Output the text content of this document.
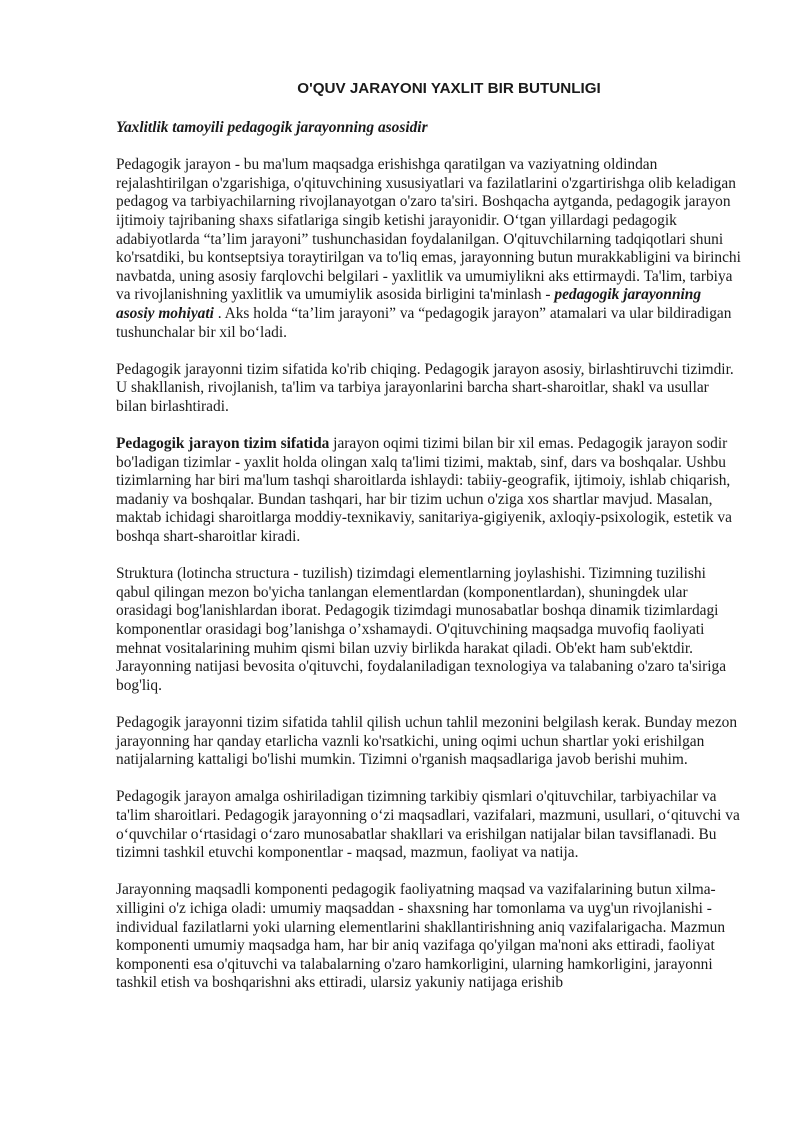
O'QUV JARAYONI YAXLIT BIR BUTUNLIGI
Yaxlitlik tamoyili pedagogik jarayonning asosidir

Pedagogik jarayon - bu ma'lum maqsadga erishishga qaratilgan va vaziyatning oldindan rejalashtirilgan o'zgarishiga, o'qituvchining xususiyatlari va fazilatlarini o'zgartirishga olib keladigan pedagog va tarbiyachilarning rivojlanayotgan o'zaro ta'siri. Boshqacha aytganda, pedagogik jarayon ijtimoiy tajribaning shaxs sifatlariga singib ketishi jarayonidir. O‘tgan yillardagi pedagogik adabiyotlarda “ta’lim jarayoni” tushunchasidan foydalanilgan. O'qituvchilarning tadqiqotlari shuni ko'rsatdiki, bu kontseptsiya toraytirilgan va to'liq emas, jarayonning butun murakkabligini va birinchi navbatda, uning asosiy farqlovchi belgilari - yaxlitlik va umumiylikni aks ettirmaydi. Ta'lim, tarbiya va rivojlanishning yaxlitlik va umumiylik asosida birligini ta'minlash - pedagogik jarayonning asosiy mohiyati . Aks holda “ta’lim jarayoni” va “pedagogik jarayon” atamalari va ular bildiradigan tushunchalar bir xil bo‘ladi.

Pedagogik jarayonni tizim sifatida ko'rib chiqing. Pedagogik jarayon asosiy, birlashtiruvchi tizimdir. U shakllanish, rivojlanish, ta'lim va tarbiya jarayonlarini barcha shart-sharoitlar, shakl va usullar bilan birlashtiradi.

Pedagogik jarayon tizim sifatida jarayon oqimi tizimi bilan bir xil emas. Pedagogik jarayon sodir bo'ladigan tizimlar - yaxlit holda olingan xalq ta'limi tizimi, maktab, sinf, dars va boshqalar. Ushbu tizimlarning har biri ma'lum tashqi sharoitlarda ishlaydi: tabiiy-geografik, ijtimoiy, ishlab chiqarish, madaniy va boshqalar. Bundan tashqari, har bir tizim uchun o'ziga xos shartlar mavjud. Masalan, maktab ichidagi sharoitlarga moddiy-texnikaviy, sanitariya-gigiyenik, axloqiy-psixologik, estetik va boshqa shart-sharoitlar kiradi.

Struktura (lotincha structura - tuzilish) tizimdagi elementlarning joylashishi. Tizimning tuzilishi qabul qilingan mezon bo'yicha tanlangan elementlardan (komponentlardan), shuningdek ular orasidagi bog'lanishlardan iborat. Pedagogik tizimdagi munosabatlar boshqa dinamik tizimlardagi komponentlar orasidagi bog’lanishga o’xshamaydi. O'qituvchining maqsadga muvofiq faoliyati mehnat vositalarining muhim qismi bilan uzviy birlikda harakat qiladi. Ob'ekt ham sub'ektdir. Jarayonning natijasi bevosita o'qituvchi, foydalaniladigan texnologiya va talabaning o'zaro ta'siriga bog'liq.

Pedagogik jarayonni tizim sifatida tahlil qilish uchun tahlil mezonini belgilash kerak. Bunday mezon jarayonning har qanday etarlicha vaznli ko'rsatkichi, uning oqimi uchun shartlar yoki erishilgan natijalarning kattaligi bo'lishi mumkin. Tizimni o'rganish maqsadlariga javob berishi muhim.

Pedagogik jarayon amalga oshiriladigan tizimning tarkibiy qismlari o'qituvchilar, tarbiyachilar va ta'lim sharoitlari. Pedagogik jarayonning o‘zi maqsadlari, vazifalari, mazmuni, usullari, o‘qituvchi va o‘quvchilar o‘rtasidagi o‘zaro munosabatlar shakllari va erishilgan natijalar bilan tavsiflanadi. Bu tizimni tashkil etuvchi komponentlar - maqsad, mazmun, faoliyat va natija.

Jarayonning maqsadli komponenti pedagogik faoliyatning maqsad va vazifalarining butun xilma-xilligini o'z ichiga oladi: umumiy maqsaddan - shaxsning har tomonlama va uyg'un rivojlanishi - individual fazilatlarni yoki ularning elementlarini shakllantirishning aniq vazifalarigacha. Mazmun komponenti umumiy maqsadga ham, har bir aniq vazifaga qo'yilgan ma'noni aks ettiradi, faoliyat komponenti esa o'qituvchi va talabalarning o'zaro hamkorligini, ularning hamkorligini, jarayonni tashkil etish va boshqarishni aks ettiradi, ularsiz yakuniy natijaga erishib
